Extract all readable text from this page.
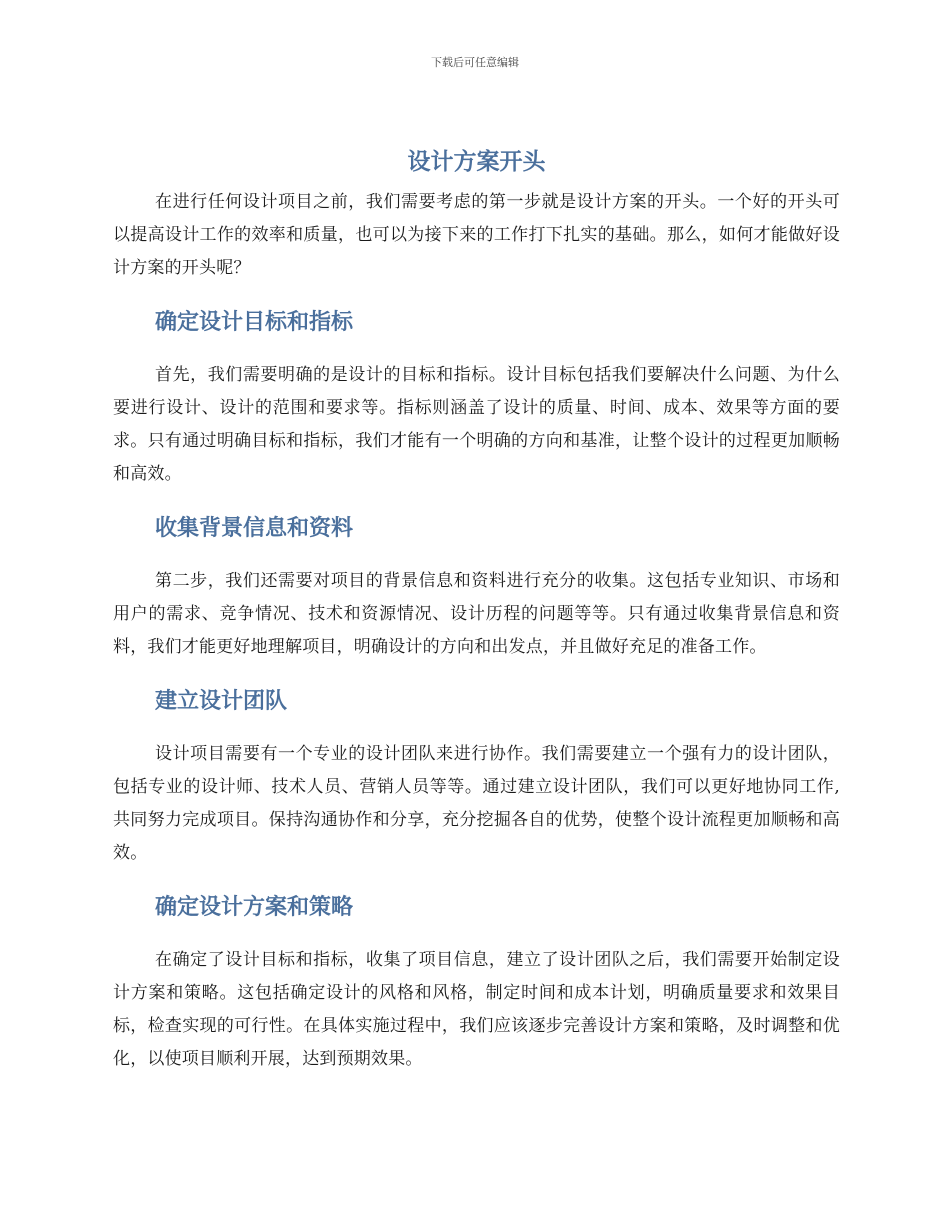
下载后可任意编辑
设计方案开头

在进行任何设计项目之前，我们需要考虑的第一步就是设计方案的开头。一个好的开头可以提高设计工作的效率和质量，也可以为接下来的工作打下扎实的基础。那么，如何才能做好设计方案的开头呢？

确定设计目标和指标

首先，我们需要明确的是设计的目标和指标。设计目标包括我们要解决什么问题、为什么要进行设计、设计的范围和要求等。指标则涵盖了设计的质量、时间、成本、效果等方面的要求。只有通过明确目标和指标，我们才能有一个明确的方向和基准，让整个设计的过程更加顺畅和高效。

收集背景信息和资料

第二步，我们还需要对项目的背景信息和资料进行充分的收集。这包括专业知识、市场和用户的需求、竞争情况、技术和资源情况、设计历程的问题等等。只有通过收集背景信息和资料，我们才能更好地理解项目，明确设计的方向和出发点，并且做好充足的准备工作。

建立设计团队

设计项目需要有一个专业的设计团队来进行协作。我们需要建立一个强有力的设计团队，包括专业的设计师、技术人员、营销人员等等。通过建立设计团队，我们可以更好地协同工作,共同努力完成项目。保持沟通协作和分享，充分挖掘各自的优势，使整个设计流程更加顺畅和高效。

确定设计方案和策略

在确定了设计目标和指标，收集了项目信息，建立了设计团队之后，我们需要开始制定设计方案和策略。这包括确定设计的风格和风格，制定时间和成本计划，明确质量要求和效果目标，检查实现的可行性。在具体实施过程中，我们应该逐步完善设计方案和策略，及时调整和优化，以使项目顺利开展，达到预期效果。
